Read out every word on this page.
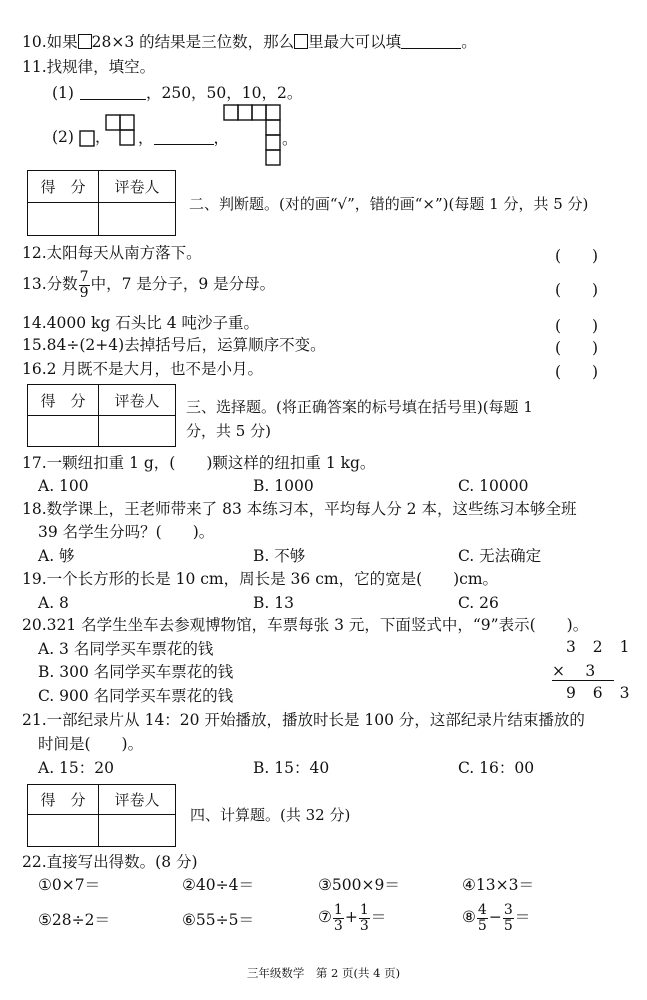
10.如果 28×3 的结果是三位数，那么 里最大可以填	。
11.找规律，填空。
(1)	，250，50，10，2。
(2) ， ，	，	。
得　分	评卷人

二、判断题。(对的画“√”，错的画“×”)(每题 1 分，共 5 分)
12.太阳每天从南方落下。	(　　)
13.分数 $\frac{7}{9}$ 中，7 是分子，9 是分母。	(　　)
14.4000 kg 石头比 4 吨沙子重。	(　　)
15.84÷(2+4)去掉括号后，运算顺序不变。	(　　)
16.2 月既不是大月，也不是小月。	(　　)
得　分	评卷人
	三、选择题。(将正确答案的标号填在括号里)(每题 1
分，共 5 分)
17.一颗纽扣重 1 g，(　　)颗这样的纽扣重 1 kg。
A. 100	B. 1000	C. 10000
18.数学课上，王老师带来了 83 本练习本，平均每人分 2 本，这些练习本够全班
39 名学生分吗？(　　)。
A. 够	B. 不够	C. 无法确定
19.一个长方形的长是 10 cm，周长是 36 cm，它的宽是(　　)cm。
A. 8	B. 13	C. 26
20.321 名学生坐车去参观博物馆，车票每张 3 元，下面竖式中，“9”表示(　　)。
A. 3 名同学买车票花的钱
B. 300 名同学买车票花的钱
C. 900 名同学买车票花的钱
3 2 1
×　 3
9 6 3
21.一部纪录片从 14：20 开始播放，播放时长是 100 分，这部纪录片结束播放的
时间是(　　)。
A. 15：20	B. 15：40	C. 16：00
得　分	评卷人

四、计算题。(共 32 分)
22.直接写出得数。(8 分)
①0×7＝	②40÷4＝	③500×9＝	④13×3＝
⑤28÷2＝	⑥55÷5＝	⑦ $\frac{1}{3} + \frac{1}{3}$ ＝	⑧ $\frac{4}{5} - \frac{3}{5}$ ＝
三年级数学　第 2 页(共 4 页)
